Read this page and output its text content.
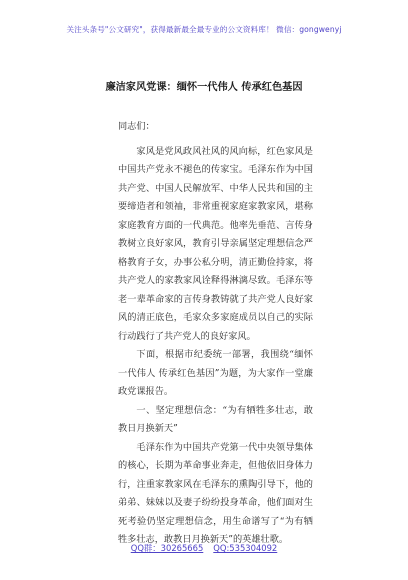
关注头条号"公文研究"，获得最新最全最专业的公文资料库！ 微信：gongwenyj
廉洁家风党课：缅怀一代伟人 传承红色基因

同志们：

家风是党风政风社风的风向标，红色家风是中国共产党永不褪色的传家宝。毛泽东作为中国共产党、中国人民解放军、中华人民共和国的主要缔造者和领袖，非常重视家庭家教家风，堪称家庭教育方面的一代典范。他率先垂范、言传身教树立良好家风，教育引导亲属坚定理想信念严格教育子女，办事公私分明，清正勤俭持家，将共产党人的家教家风诠释得淋漓尽致。毛泽东等老一辈革命家的言传身教铸就了共产党人良好家风的清正底色，毛家众多家庭成员以自己的实际行动践行了共产党人的良好家风。

下面，根据市纪委统一部署，我围绕“缅怀一代伟人 传承红色基因”为题，为大家作一堂廉政党课报告。

一、坚定理想信念：“为有牺牲多壮志，敢教日月换新天”

毛泽东作为中国共产党第一代中央领导集体的核心，长期为革命事业奔走，但他依旧身体力行，注重家教家风在毛泽东的熏陶引导下，他的弟弟、妹妹以及妻子纷纷投身革命，他们面对生死考验仍坚定理想信念，用生命谱写了“为有牺牲多壮志，敢教日月换新天”的英雄壮歌。

QQ群：30265665 QQ:535304092
